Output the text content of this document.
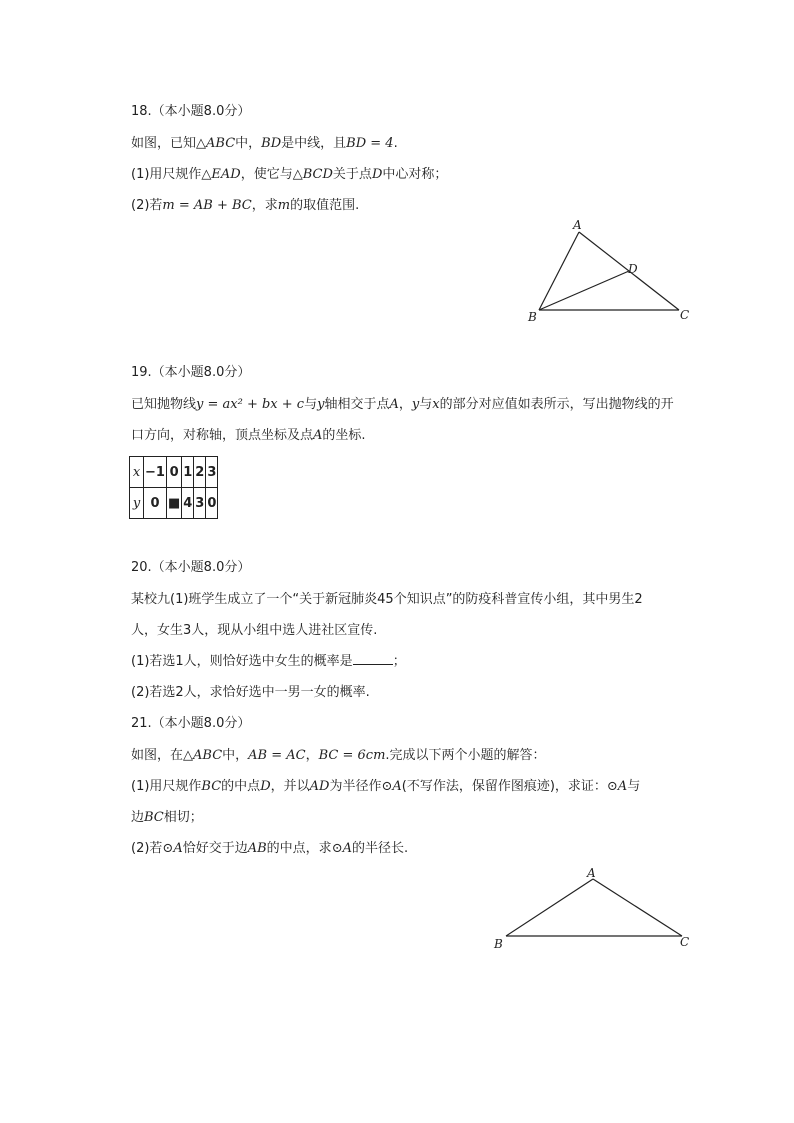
18.（本小题8.0分）
如图，已知△ABC中，BD是中线，且BD = 4.
(1)用尺规作△EAD，使它与△BCD关于点D中心对称；
(2)若m = AB + BC，求m的取值范围.
A
B	C
D
19.（本小题8.0分）
已知抛物线y = ax² + bx + c与y轴相交于点A，y与x的部分对应值如表所示，写出抛物线的开
口方向，对称轴，顶点坐标及点A的坐标.
x	−1	0	1	2	3
y	0	■	4	3	0
20.（本小题8.0分）
某校九(1)班学生成立了一个“关于新冠肺炎45个知识点”的防疫科普宣传小组，其中男生2
人，女生3人，现从小组中选人进社区宣传.
(1)若选1人，则恰好选中女生的概率是	；
(2)若选2人，求恰好选中一男一女的概率.
21.（本小题8.0分）
如图，在△ABC中，AB = AC，BC = 6cm.完成以下两个小题的解答：
(1)用尺规作BC的中点D，并以AD为半径作⊙A(不写作法，保留作图痕迹)，求证：⊙A与
边BC相切；
(2)若⊙A恰好交于边AB的中点，求⊙A的半径长.
A
B	C
